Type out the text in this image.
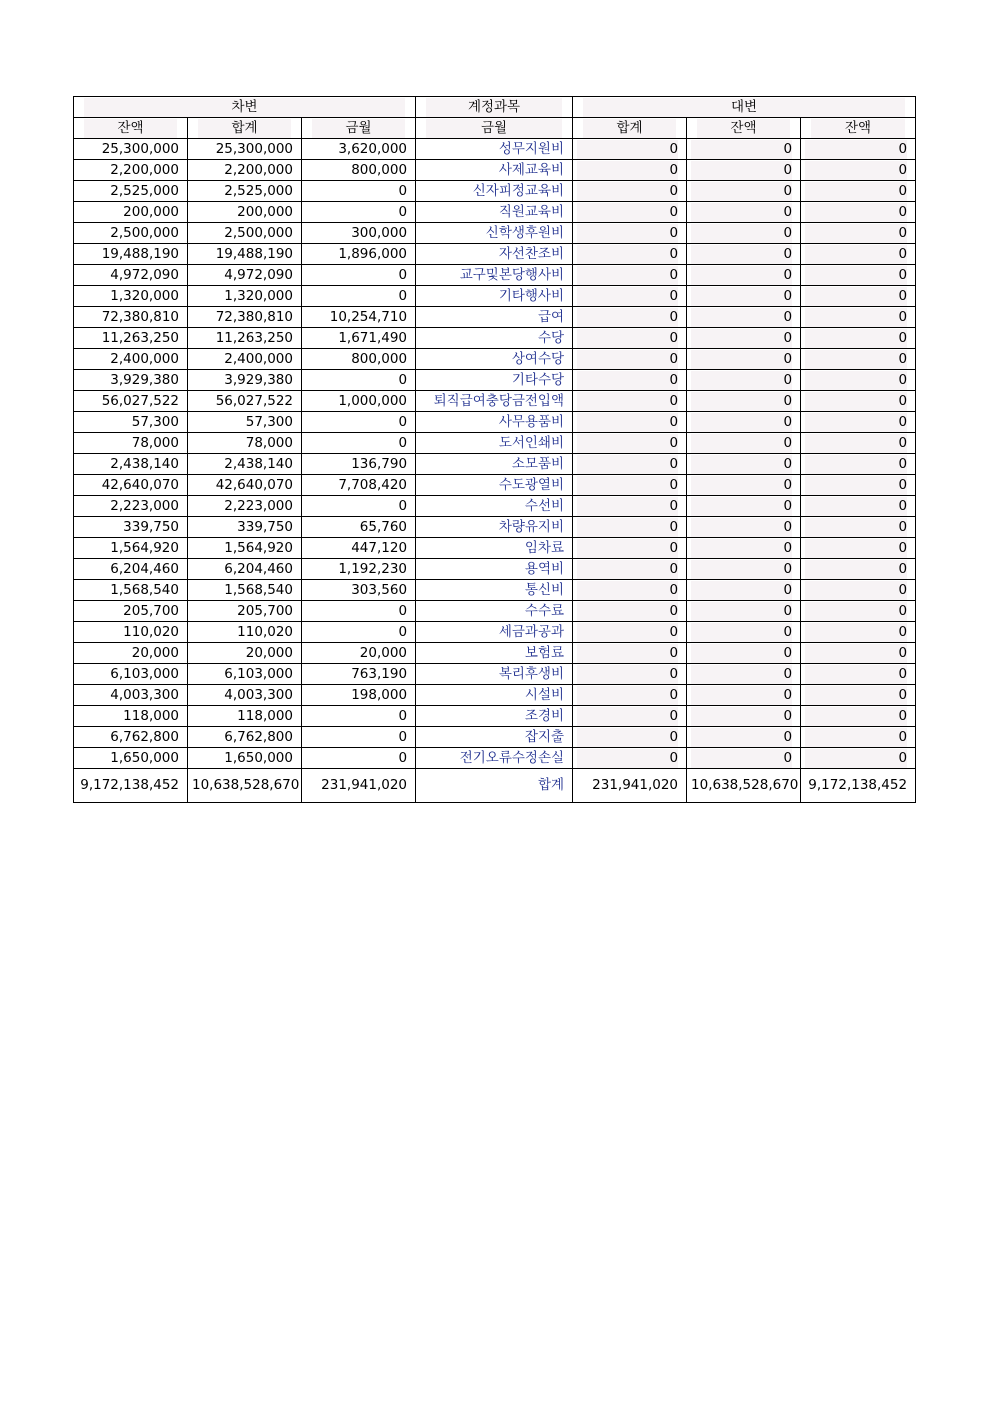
차변			계정과목	대변		

잔액	합계	금월	금월	합계	잔액	잔액

25,300,000	25,300,000	3,620,000	성무지원비	0	0	0

2,200,000	2,200,000	800,000	사제교육비	0	0	0

2,525,000	2,525,000	0	신자피정교육비	0	0	0

200,000	200,000	0	직원교육비	0	0	0

2,500,000	2,500,000	300,000	신학생후원비	0	0	0

19,488,190	19,488,190	1,896,000	자선찬조비	0	0	0

4,972,090	4,972,090	0	교구및본당행사비	0	0	0

1,320,000	1,320,000	0	기타행사비	0	0	0

72,380,810	72,380,810	10,254,710	급여	0	0	0

11,263,250	11,263,250	1,671,490	수당	0	0	0

2,400,000	2,400,000	800,000	상여수당	0	0	0

3,929,380	3,929,380	0	기타수당	0	0	0

56,027,522	56,027,522	1,000,000	퇴직급여충당금전입액	0	0	0

57,300	57,300	0	사무용품비	0	0	0

78,000	78,000	0	도서인쇄비	0	0	0

2,438,140	2,438,140	136,790	소모품비	0	0	0

42,640,070	42,640,070	7,708,420	수도광열비	0	0	0

2,223,000	2,223,000	0	수선비	0	0	0

339,750	339,750	65,760	차량유지비	0	0	0

1,564,920	1,564,920	447,120	임차료	0	0	0

6,204,460	6,204,460	1,192,230	용역비	0	0	0

1,568,540	1,568,540	303,560	통신비	0	0	0

205,700	205,700	0	수수료	0	0	0

110,020	110,020	0	세금과공과	0	0	0

20,000	20,000	20,000	보험료	0	0	0

6,103,000	6,103,000	763,190	복리후생비	0	0	0

4,003,300	4,003,300	198,000	시설비	0	0	0

118,000	118,000	0	조경비	0	0	0

6,762,800	6,762,800	0	잡지출	0	0	0

1,650,000	1,650,000	0	전기오류수정손실	0	0	0

9,172,138,452	10,638,528,670	231,941,020	합계	231,941,020	10,638,528,670	9,172,138,452
